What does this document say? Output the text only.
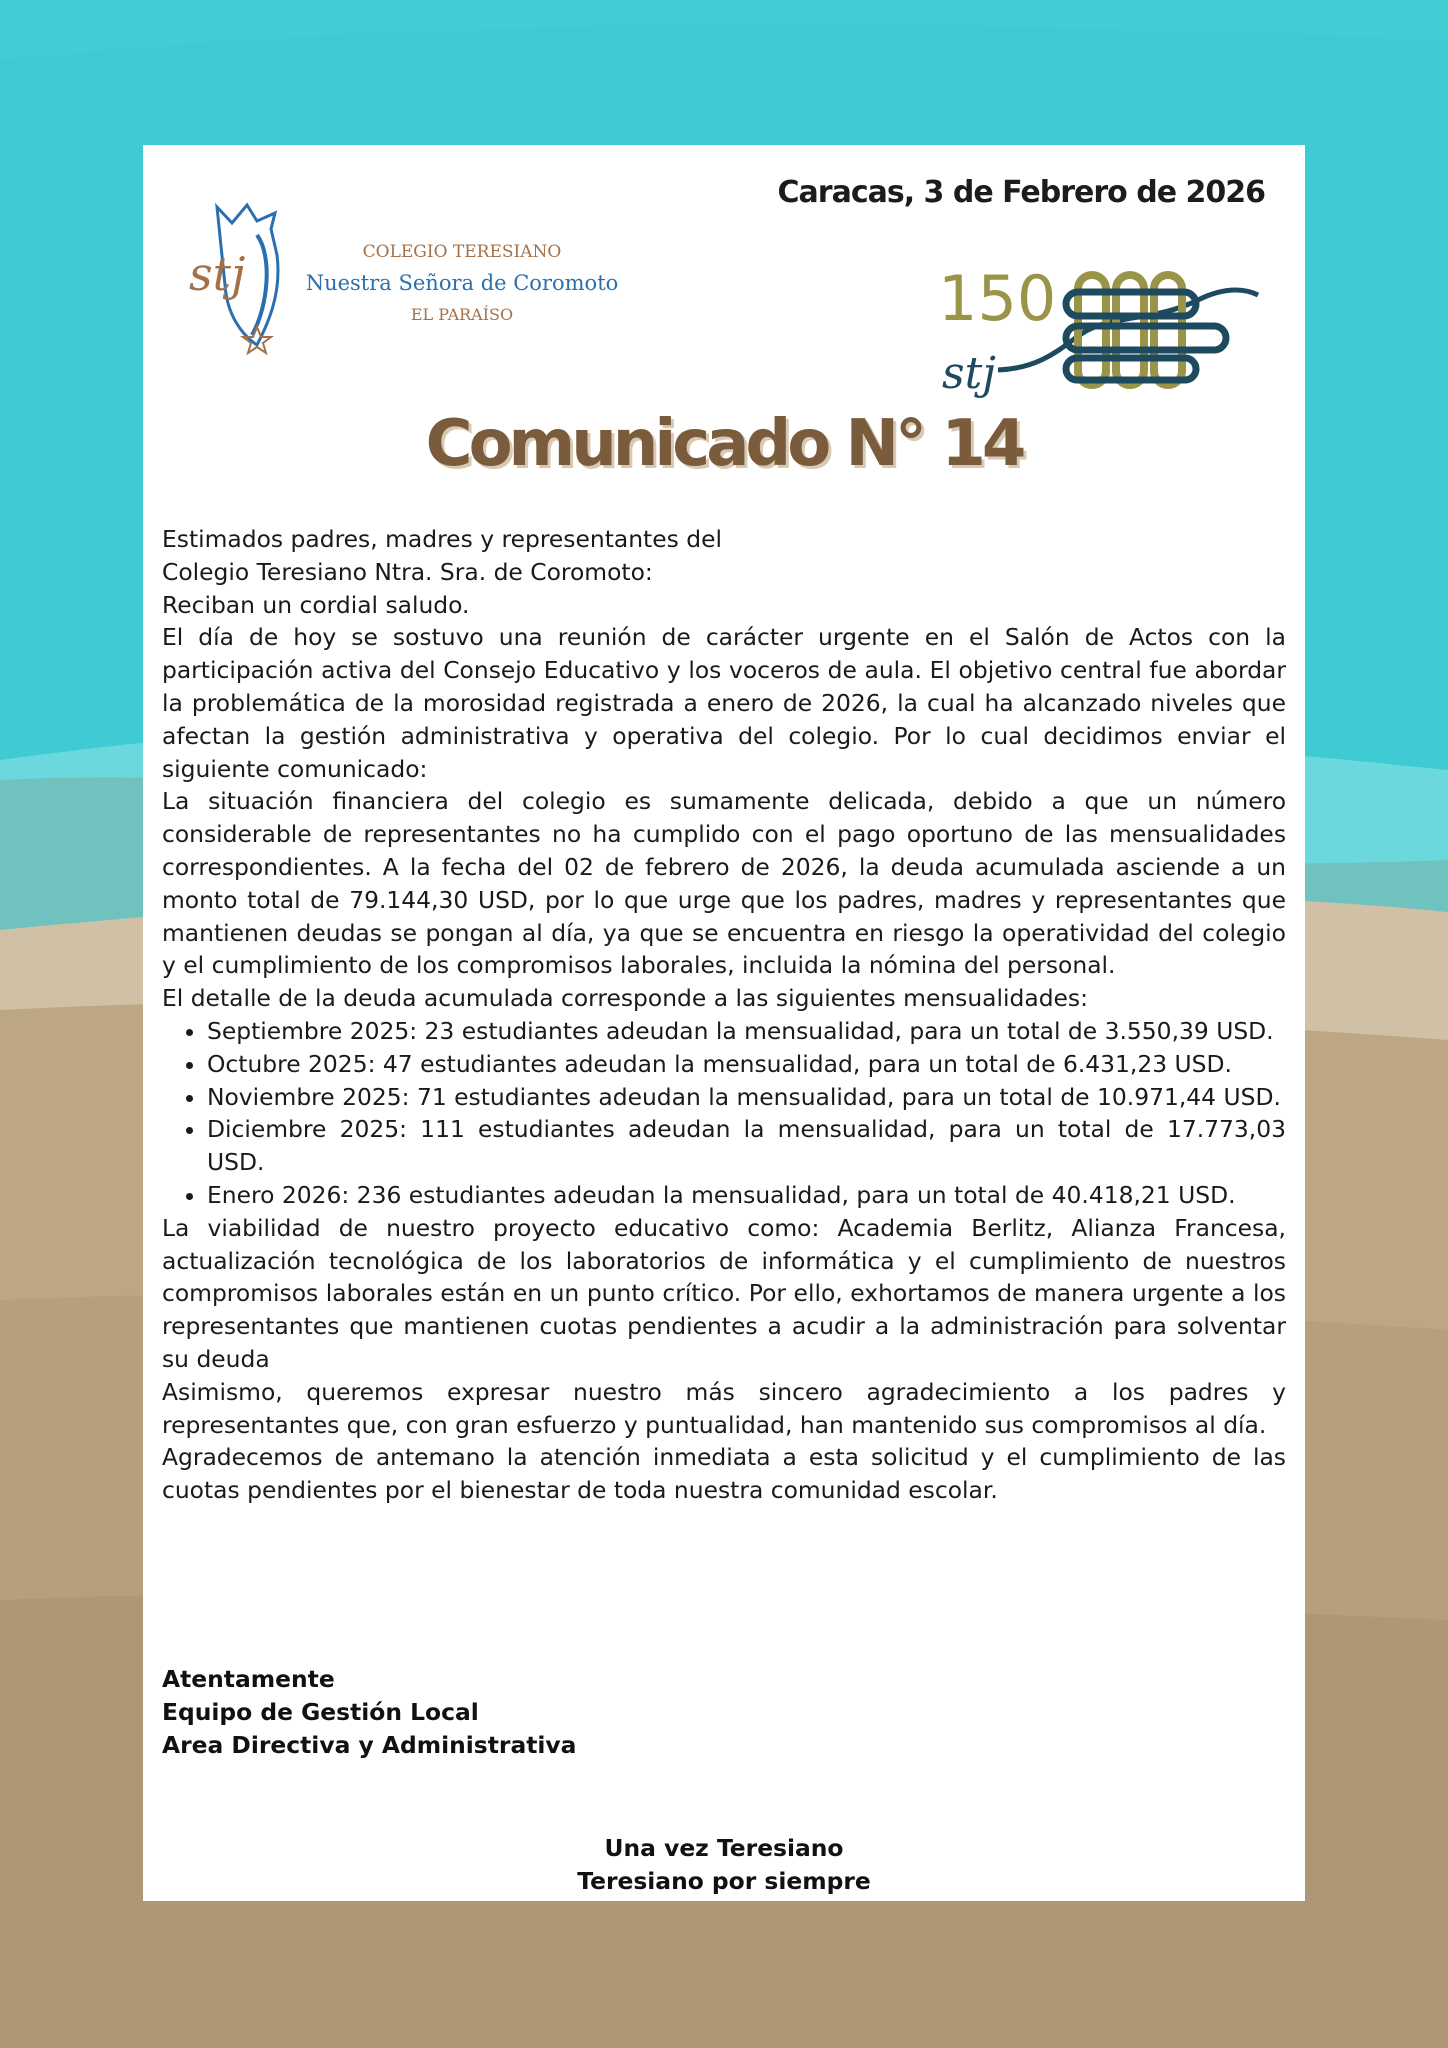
Caracas, 3 de Febrero de 2026
stj	COLEGIO TERESIANO
Nuestra Señora de Coromoto
EL PARAÍSO	150
stj
Comunicado N° 14

Estimados padres, madres y representantes del

Colegio Teresiano Ntra. Sra. de Coromoto:

Reciban un cordial saludo.

El día de hoy se sostuvo una reunión de carácter urgente en el Salón de Actos con la participación activa del Consejo Educativo y los voceros de aula. El objetivo central fue abordar la problemática de la morosidad registrada a enero de 2026, la cual ha alcanzado niveles que afectan la gestión administrativa y operativa del colegio. Por lo cual decidimos enviar el siguiente comunicado:

La situación financiera del colegio es sumamente delicada, debido a que un número considerable de representantes no ha cumplido con el pago oportuno de las mensualidades correspondientes. A la fecha del 02 de febrero de 2026, la deuda acumulada asciende a un monto total de 79.144,30 USD, por lo que urge que los padres, madres y representantes que mantienen deudas se pongan al día, ya que se encuentra en riesgo la operatividad del colegio y el cumplimiento de los compromisos laborales, incluida la nómina del personal.

El detalle de la deuda acumulada corresponde a las siguientes mensualidades:

• Septiembre 2025: 23 estudiantes adeudan la mensualidad, para un total de 3.550,39 USD.
• Octubre 2025: 47 estudiantes adeudan la mensualidad, para un total de 6.431,23 USD.
• Noviembre 2025: 71 estudiantes adeudan la mensualidad, para un total de 10.971,44 USD.
• Diciembre 2025: 111 estudiantes adeudan la mensualidad, para un total de 17.773,03 USD.
• Enero 2026: 236 estudiantes adeudan la mensualidad, para un total de 40.418,21 USD.

La viabilidad de nuestro proyecto educativo como: Academia Berlitz, Alianza Francesa, actualización tecnológica de los laboratorios de informática y el cumplimiento de nuestros compromisos laborales están en un punto crítico. Por ello, exhortamos de manera urgente a los representantes que mantienen cuotas pendientes a acudir a la administración para solventar su deuda

Asimismo, queremos expresar nuestro más sincero agradecimiento a los padres y representantes que, con gran esfuerzo y puntualidad, han mantenido sus compromisos al día.

Agradecemos de antemano la atención inmediata a esta solicitud y el cumplimiento de las cuotas pendientes por el bienestar de toda nuestra comunidad escolar.

Atentamente
Equipo de Gestión Local
Area Directiva y Administrativa
Una vez Teresiano
Teresiano por siempre
